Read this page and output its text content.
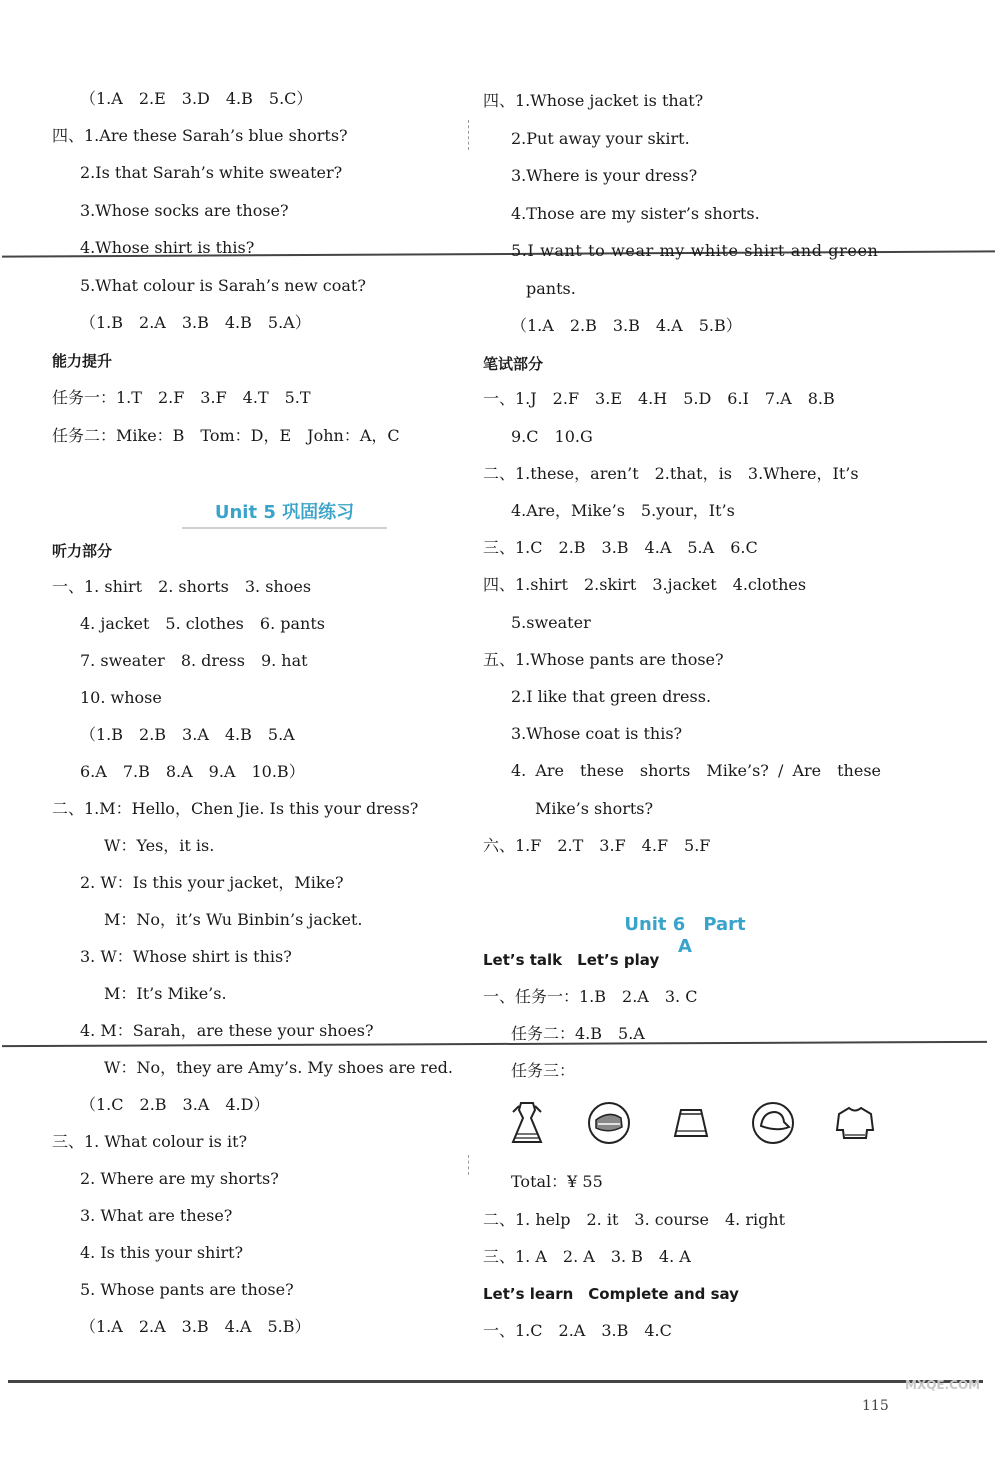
（1.A　2.E　3.D　4.B　5.C）
四、1.Are these Sarah’s blue shorts?
2.Is that Sarah’s white sweater?
3.Whose socks are those?
4.Whose shirt is this?
5.What colour is Sarah’s new coat?
（1.B　2.A　3.B　4.B　5.A）
能力提升
任务一：1.T　2.F　3.F　4.T　5.T
任务二：Mike：B　Tom：D，E　John：A，C
Unit 5 巩固练习
听力部分
一、1. shirt　2. shorts　3. shoes
4. jacket　5. clothes　6. pants
7. sweater　8. dress　9. hat
10. whose
（1.B　2.B　3.A　4.B　5.A
6.A　7.B　8.A　9.A　10.B）
二、1.M：Hello，Chen Jie. Is this your dress?
W：Yes，it is.
2. W：Is this your jacket，Mike?
M：No，it’s Wu Binbin’s jacket.
3. W：Whose shirt is this?
M：It’s Mike’s.
4. M：Sarah，are these your shoes?
W：No，they are Amy’s. My shoes are red.
（1.C　2.B　3.A　4.D）
三、1. What colour is it?
2. Where are my shorts?
3. What are these?
4. Is this your shirt?
5. Whose pants are those?
（1.A　2.A　3.B　4.A　5.B）
四、1.Whose jacket is that?
2.Put away your skirt.
3.Where is your dress?
4.Those are my sister’s shorts.
5.I want to wear my white shirt and green
pants.
（1.A　2.B　3.B　4.A　5.B）
笔试部分
一、1.J　2.F　3.E　4.H　5.D　6.I　7.A　8.B
9.C　10.G
二、1.these，aren’t　2.that，is　3.Where，It’s
4.Are，Mike’s　5.your，It’s
三、1.C　2.B　3.B　4.A　5.A　6.C
四、1.shirt　2.skirt　3.jacket　4.clothes
5.sweater
五、1.Whose pants are those?
2.I like that green dress.
3.Whose coat is this?
4. Are　these　shorts　Mike’s? / Are　these
Mike’s shorts?
六、1.F　2.T　3.F　4.F　5.F
Unit 6　Part A
Let’s talk　Let’s play
一、任务一：1.B　2.A　3. C
任务二：4.B　5.A
任务三：
Total：¥ 55
二、1. help　2. it　3. course　4. right
三、1. A　2. A　3. B　4. A
Let’s learn　Complete and say
一、1.C　2.A　3.B　4.C
115
MXQE.COM
